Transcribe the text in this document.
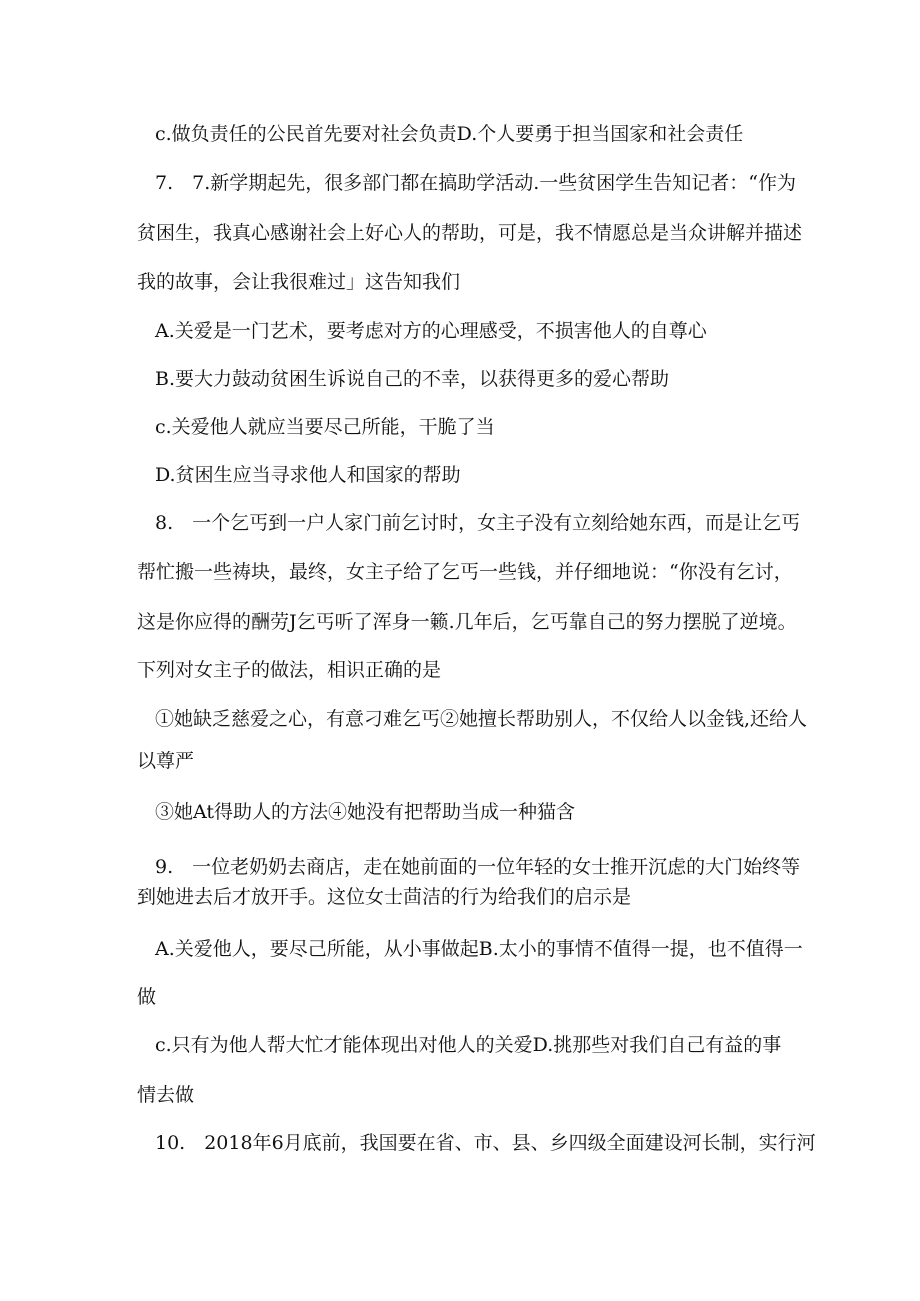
c.做负责任的公民首先要对社会负责D.个人要勇于担当国家和社会责任
7.　7.新学期起先，很多部门都在搞助学活动.一些贫困学生告知记者：“作为
贫困生，我真心感谢社会上好心人的帮助，可是，我不情愿总是当众讲解并描述
我的故事，会让我很难过」这告知我们
A.关爱是一门艺术，要考虑对方的心理感受，不损害他人的自尊心
B.要大力鼓动贫困生诉说自己的不幸，以获得更多的爱心帮助
c.关爱他人就应当要尽己所能，干脆了当
D.贫困生应当寻求他人和国家的帮助
8.　一个乞丐到一户人家门前乞讨时，女主子没有立刻给她东西，而是让乞丐
帮忙搬一些祷块，最终，女主子给了乞丐一些钱，并仔细地说：“你没有乞讨，
这是你应得的酬劳J乞丐听了浑身一籁.几年后，乞丐靠自己的努力摆脱了逆境。
下列对女主子的做法，相识正确的是
①她缺乏慈爱之心，有意刁难乞丐②她擅长帮助别人，不仅给人以金钱,还给人
以尊严
③她At得助人的方法④她没有把帮助当成一种猫含
9.　一位老奶奶去商店，走在她前面的一位年轻的女士推开沉虑的大门始终等
到她进去后才放开手。这位女士茴洁的行为给我们的启示是
A.关爱他人，要尽己所能，从小事做起B.太小的事情不值得一提，也不值得一
做
c.只有为他人帮大忙才能体现出对他人的关爱D.挑那些对我们自己有益的事
情去做
10.　2018年6月底前，我国要在省、市、县、乡四级全面建设河长制，实行河
